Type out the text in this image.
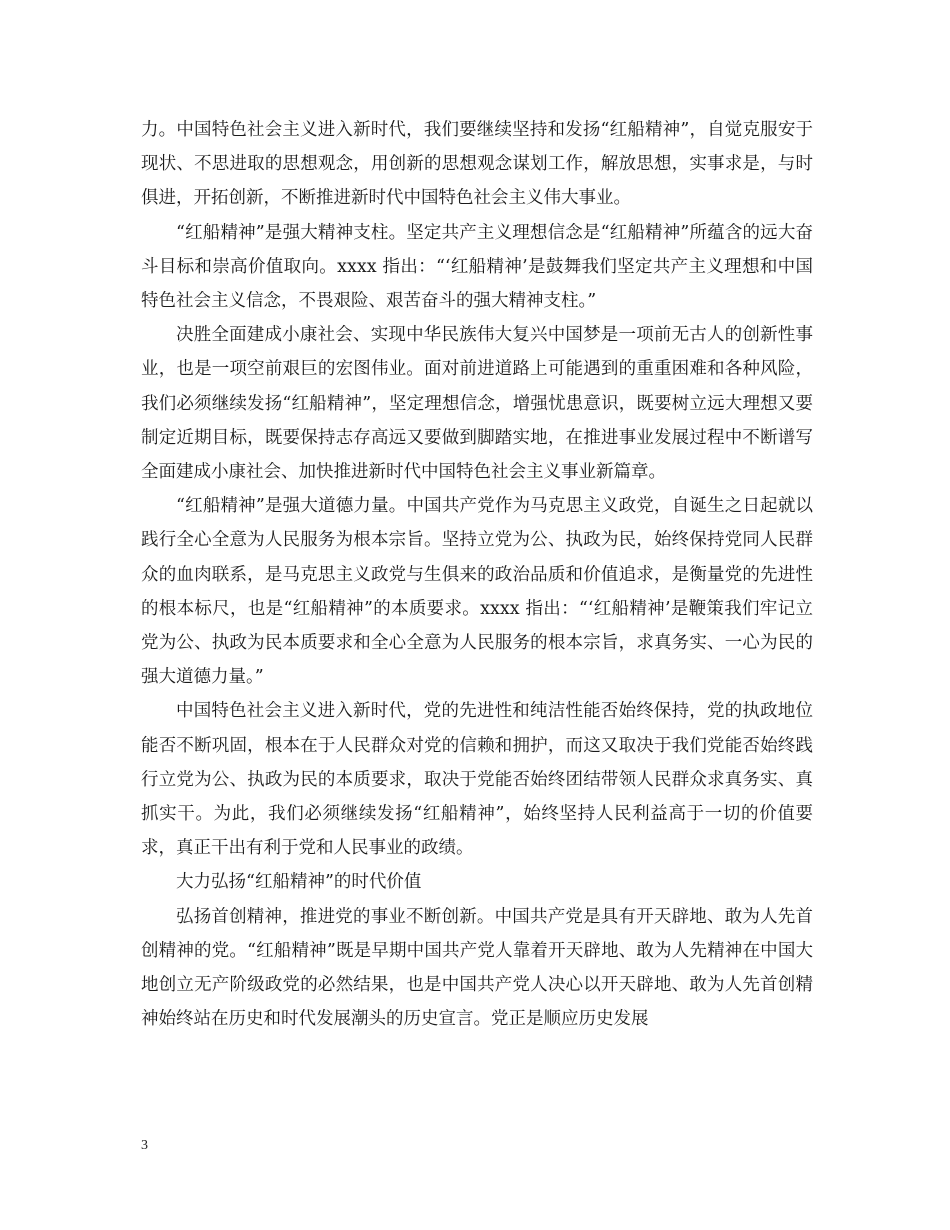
力。中国特色社会主义进入新时代，我们要继续坚持和发扬“红船精神”，自觉克服安于现状、不思进取的思想观念，用创新的思想观念谋划工作，解放思想，实事求是，与时俱进，开拓创新，不断推进新时代中国特色社会主义伟大事业。

“红船精神”是强大精神支柱。坚定共产主义理想信念是“红船精神”所蕴含的远大奋斗目标和崇高价值取向。xxxx 指出：“‘红船精神’是鼓舞我们坚定共产主义理想和中国特色社会主义信念，不畏艰险、艰苦奋斗的强大精神支柱。”

决胜全面建成小康社会、实现中华民族伟大复兴中国梦是一项前无古人的创新性事业，也是一项空前艰巨的宏图伟业。面对前进道路上可能遇到的重重困难和各种风险，我们必须继续发扬“红船精神”，坚定理想信念，增强忧患意识，既要树立远大理想又要制定近期目标，既要保持志存高远又要做到脚踏实地，在推进事业发展过程中不断谱写全面建成小康社会、加快推进新时代中国特色社会主义事业新篇章。

“红船精神”是强大道德力量。中国共产党作为马克思主义政党，自诞生之日起就以践行全心全意为人民服务为根本宗旨。坚持立党为公、执政为民，始终保持党同人民群众的血肉联系，是马克思主义政党与生俱来的政治品质和价值追求，是衡量党的先进性的根本标尺，也是“红船精神”的本质要求。xxxx 指出：“‘红船精神’是鞭策我们牢记立党为公、执政为民本质要求和全心全意为人民服务的根本宗旨，求真务实、一心为民的强大道德力量。”

中国特色社会主义进入新时代，党的先进性和纯洁性能否始终保持，党的执政地位能否不断巩固，根本在于人民群众对党的信赖和拥护，而这又取决于我们党能否始终践行立党为公、执政为民的本质要求，取决于党能否始终团结带领人民群众求真务实、真抓实干。为此，我们必须继续发扬“红船精神”，始终坚持人民利益高于一切的价值要求，真正干出有利于党和人民事业的政绩。

大力弘扬“红船精神”的时代价值

弘扬首创精神，推进党的事业不断创新。中国共产党是具有开天辟地、敢为人先首创精神的党。“红船精神”既是早期中国共产党人靠着开天辟地、敢为人先精神在中国大地创立无产阶级政党的必然结果，也是中国共产党人决心以开天辟地、敢为人先首创精神始终站在历史和时代发展潮头的历史宣言。党正是顺应历史发展

3
